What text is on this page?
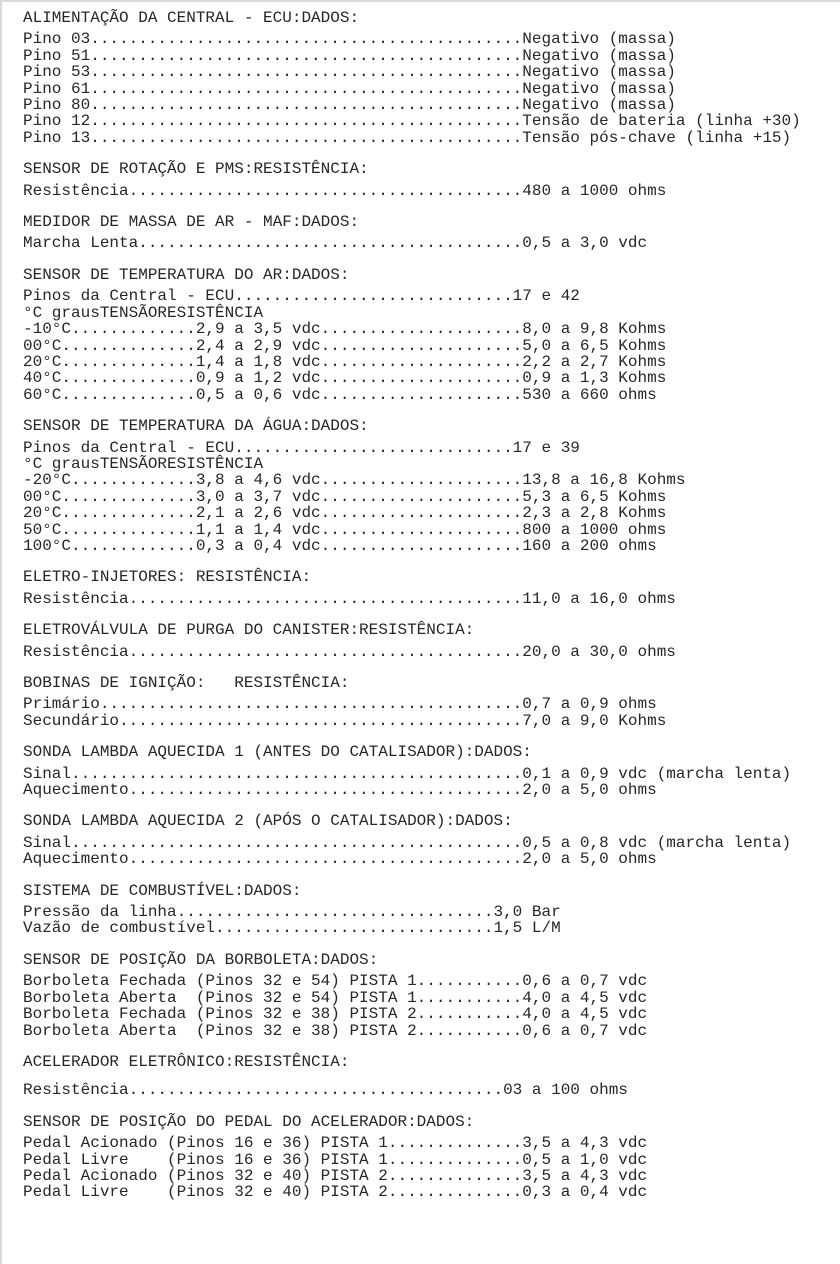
ALIMENTAÇÃO DA CENTRAL - ECU:DADOS:
Pino 03.............................................Negativo (massa)
Pino 51.............................................Negativo (massa)
Pino 53.............................................Negativo (massa)
Pino 61.............................................Negativo (massa)
Pino 80.............................................Negativo (massa)
Pino 12.............................................Tensão de bateria (linha +30)
Pino 13.............................................Tensão pós-chave (linha +15)
SENSOR DE ROTAÇÃO E PMS:RESISTÊNCIA:
Resistência.........................................480 a 1000 ohms
MEDIDOR DE MASSA DE AR - MAF:DADOS:
Marcha Lenta........................................0,5 a 3,0 vdc
SENSOR DE TEMPERATURA DO AR:DADOS:
Pinos da Central - ECU.............................17 e 42
°C grausTENSÃORESISTÊNCIA
-10°C.............2,9 a 3,5 vdc.....................8,0 a 9,8 Kohms
00°C..............2,4 a 2,9 vdc.....................5,0 a 6,5 Kohms
20°C..............1,4 a 1,8 vdc.....................2,2 a 2,7 Kohms
40°C..............0,9 a 1,2 vdc.....................0,9 a 1,3 Kohms
60°C..............0,5 a 0,6 vdc.....................530 a 660 ohms
SENSOR DE TEMPERATURA DA ÁGUA:DADOS:
Pinos da Central - ECU.............................17 e 39
°C grausTENSÃORESISTÊNCIA
-20°C.............3,8 a 4,6 vdc.....................13,8 a 16,8 Kohms
00°C..............3,0 a 3,7 vdc.....................5,3 a 6,5 Kohms
20°C..............2,1 a 2,6 vdc.....................2,3 a 2,8 Kohms
50°C..............1,1 a 1,4 vdc.....................800 a 1000 ohms
100°C.............0,3 a 0,4 vdc.....................160 a 200 ohms
ELETRO-INJETORES: RESISTÊNCIA:
Resistência.........................................11,0 a 16,0 ohms
ELETROVÁLVULA DE PURGA DO CANISTER:RESISTÊNCIA:
Resistência.........................................20,0 a 30,0 ohms
BOBINAS DE IGNIÇÃO:   RESISTÊNCIA:
Primário............................................0,7 a 0,9 ohms
Secundário..........................................7,0 a 9,0 Kohms
SONDA LAMBDA AQUECIDA 1 (ANTES DO CATALISADOR):DADOS:
Sinal...............................................0,1 a 0,9 vdc (marcha lenta)
Aquecimento.........................................2,0 a 5,0 ohms
SONDA LAMBDA AQUECIDA 2 (APÓS O CATALISADOR):DADOS:
Sinal...............................................0,5 a 0,8 vdc (marcha lenta)
Aquecimento.........................................2,0 a 5,0 ohms
SISTEMA DE COMBUSTÍVEL:DADOS:
Pressão da linha.................................3,0 Bar
Vazão de combustível.............................1,5 L/M
SENSOR DE POSIÇÃO DA BORBOLETA:DADOS:
Borboleta Fechada (Pinos 32 e 54) PISTA 1...........0,6 a 0,7 vdc
Borboleta Aberta  (Pinos 32 e 54) PISTA 1...........4,0 a 4,5 vdc
Borboleta Fechada (Pinos 32 e 38) PISTA 2...........4,0 a 4,5 vdc
Borboleta Aberta  (Pinos 32 e 38) PISTA 2...........0,6 a 0,7 vdc
ACELERADOR ELETRÔNICO:RESISTÊNCIA:
Resistência.......................................03 a 100 ohms
SENSOR DE POSIÇÃO DO PEDAL DO ACELERADOR:DADOS:
Pedal Acionado (Pinos 16 e 36) PISTA 1..............3,5 a 4,3 vdc
Pedal Livre    (Pinos 16 e 36) PISTA 1..............0,5 a 1,0 vdc
Pedal Acionado (Pinos 32 e 40) PISTA 2..............3,5 a 4,3 vdc
Pedal Livre    (Pinos 32 e 40) PISTA 2..............0,3 a 0,4 vdc
